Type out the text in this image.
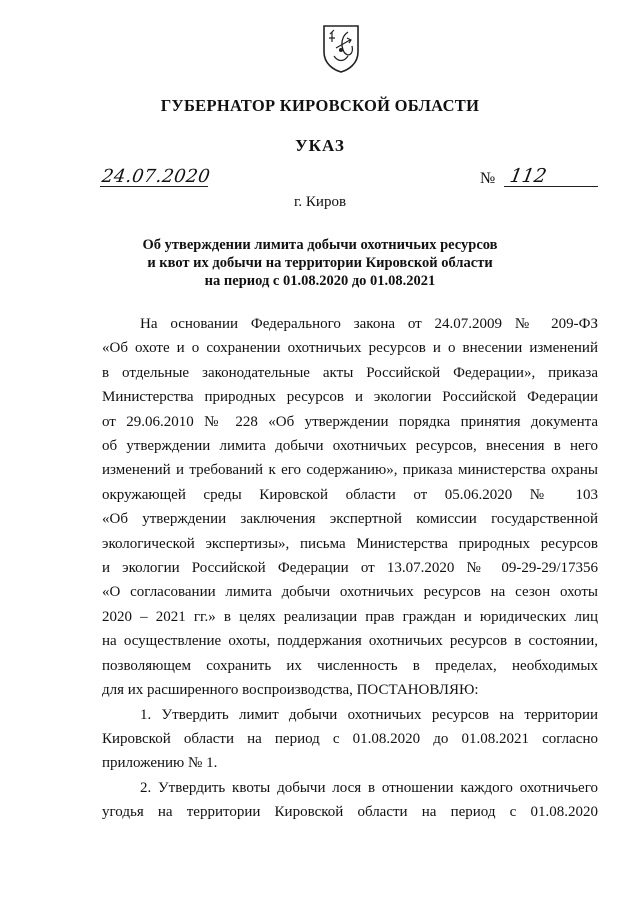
ГУБЕРНАТОР КИРОВСКОЙ ОБЛАСТИ
УКАЗ
24.07.2020	№ 112
г. Киров
Об утверждении лимита добычи охотничьих ресурсов
и квот их добычи на территории Кировской области
на период с 01.08.2020 до 01.08.2021
На основании Федерального закона от 24.07.2009 № 209-ФЗ
«Об охоте и о сохранении охотничьих ресурсов и о внесении изменений
в отдельные законодательные акты Российской Федерации», приказа
Министерства природных ресурсов и экологии Российской Федерации
от 29.06.2010 № 228 «Об утверждении порядка принятия документа
об утверждении лимита добычи охотничьих ресурсов, внесения в него
изменений и требований к его содержанию», приказа министерства охраны
окружающей среды Кировской области от 05.06.2020 № 103
«Об утверждении заключения экспертной комиссии государственной
экологической экспертизы», письма Министерства природных ресурсов
и экологии Российской Федерации от 13.07.2020 № 09-29-29/17356
«О согласовании лимита добычи охотничьих ресурсов на сезон охоты
2020 – 2021 гг.» в целях реализации прав граждан и юридических лиц
на осуществление охоты, поддержания охотничьих ресурсов в состоянии,
позволяющем сохранить их численность в пределах, необходимых
для их расширенного воспроизводства, ПОСТАНОВЛЯЮ:
1. Утвердить лимит добычи охотничьих ресурсов на территории
Кировской области на период с 01.08.2020 до 01.08.2021 согласно
приложению № 1.
2. Утвердить квоты добычи лося в отношении каждого охотничьего
угодья на территории Кировской области на период с 01.08.2020
